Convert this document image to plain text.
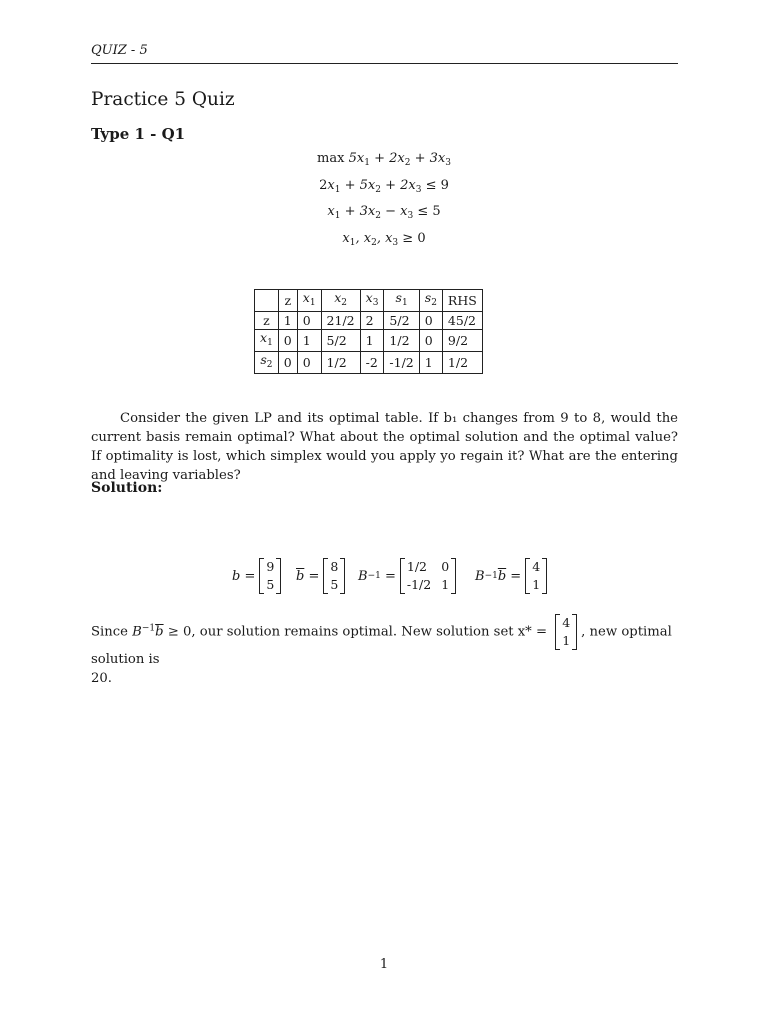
QUIZ - 5
Practice 5 Quiz
Type 1 - Q1
$\max 5x_1 + 2x_2 + 3x_3$
$2x_1 + 5x_2 + 2x_3 \le 9$
$x_1 + 3x_2 - x_3 \le 5$
$x_1$, $x_2$, $x_3 \ge 0$
	z	$x_1$	$x_2$	$x_3$	$s_1$	$s_2$	RHS
z	1	0	21/2	2	5/2	0	45/2
$x_1$	0	1	5/2	1	1/2	0	9/2
$s_2$	0	0	1/2	-2	-1/2	1	1/2
Consider the given LP and its optimal table. If b₁ changes from 9 to 8, would the current basis remain optimal? What about the optimal solution and the optimal value? If optimality is lost, which simplex would you apply yo regain it? What are the entering and leaving variables?
Solution:
b =
9
5
$\overline{b}$ =
8
5
B −1 =
1/2 0
-1/2 1
B −1 $\overline{b}$ =
4
1
Since $B^{-1}\overline{b} \ge 0$, our solution remains optimal. New solution set x* =
4
1
, new optimal solution is
20.
1
